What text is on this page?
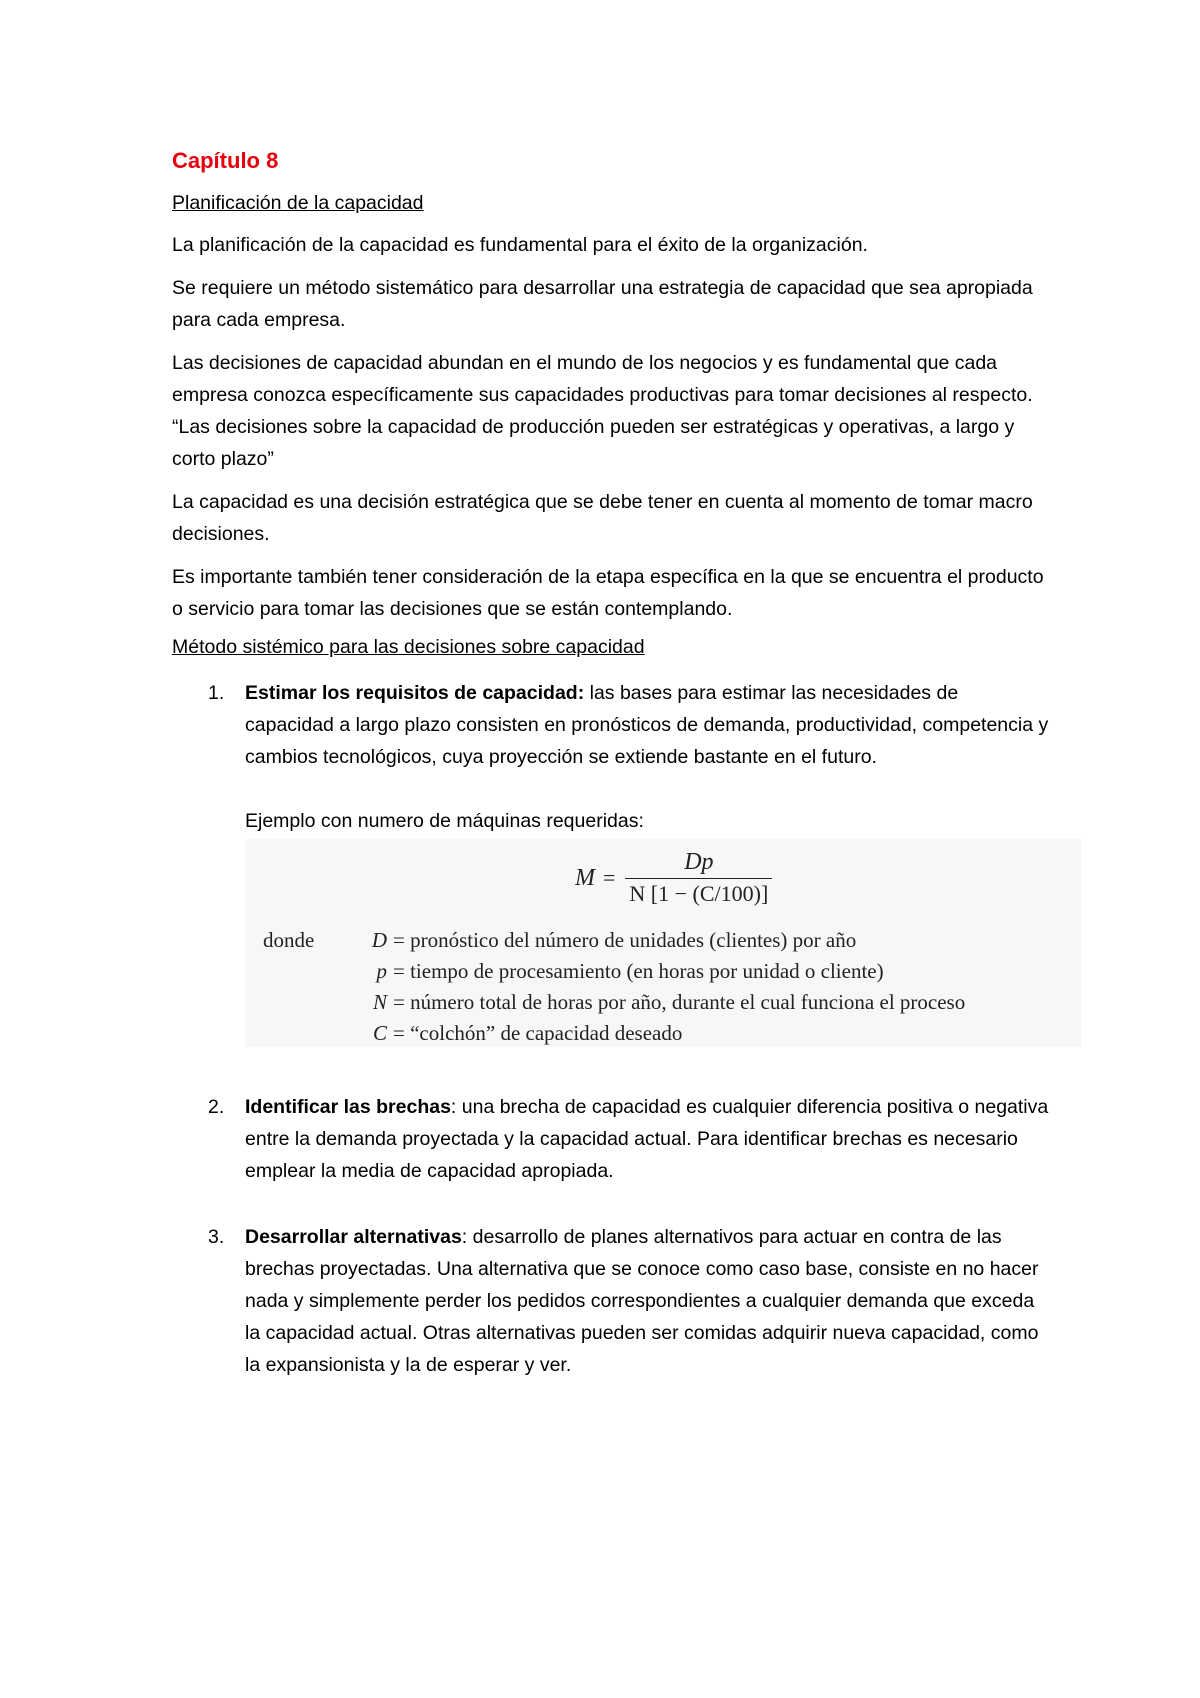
Capítulo 8
Planificación de la capacidad

La planificación de la capacidad es fundamental para el éxito de la organización.

Se requiere un método sistemático para desarrollar una estrategia de capacidad que sea apropiada para cada empresa.

Las decisiones de capacidad abundan en el mundo de los negocios y es fundamental que cada empresa conozca específicamente sus capacidades productivas para tomar decisiones al respecto. “Las decisiones sobre la capacidad de producción pueden ser estratégicas y operativas, a largo y corto plazo”

La capacidad es una decisión estratégica que se debe tener en cuenta al momento de tomar macro decisiones.

Es importante también tener consideración de la etapa específica en la que se encuentra el producto o servicio para tomar las decisiones que se están contemplando.

Método sistémico para las decisiones sobre capacidad
1. Estimar los requisitos de capacidad: las bases para estimar las necesidades de capacidad a largo plazo consisten en pronósticos de demanda, productividad, competencia y cambios tecnológicos, cuya proyección se extiende bastante en el futuro.
Ejemplo con numero de máquinas requeridas:
$M = \frac{Dp}{N [1 - (C/100)]}$
donde	D = pronóstico del número de unidades (clientes) por año
p = tiempo de procesamiento (en horas por unidad o cliente)
N = número total de horas por año, durante el cual funciona el proceso
C = “colchón” de capacidad deseado
2. Identificar las brechas: una brecha de capacidad es cualquier diferencia positiva o negativa entre la demanda proyectada y la capacidad actual. Para identificar brechas es necesario emplear la media de capacidad apropiada.
3. Desarrollar alternativas: desarrollo de planes alternativos para actuar en contra de las brechas proyectadas. Una alternativa que se conoce como caso base, consiste en no hacer nada y simplemente perder los pedidos correspondientes a cualquier demanda que exceda la capacidad actual. Otras alternativas pueden ser comidas adquirir nueva capacidad, como la expansionista y la de esperar y ver.
